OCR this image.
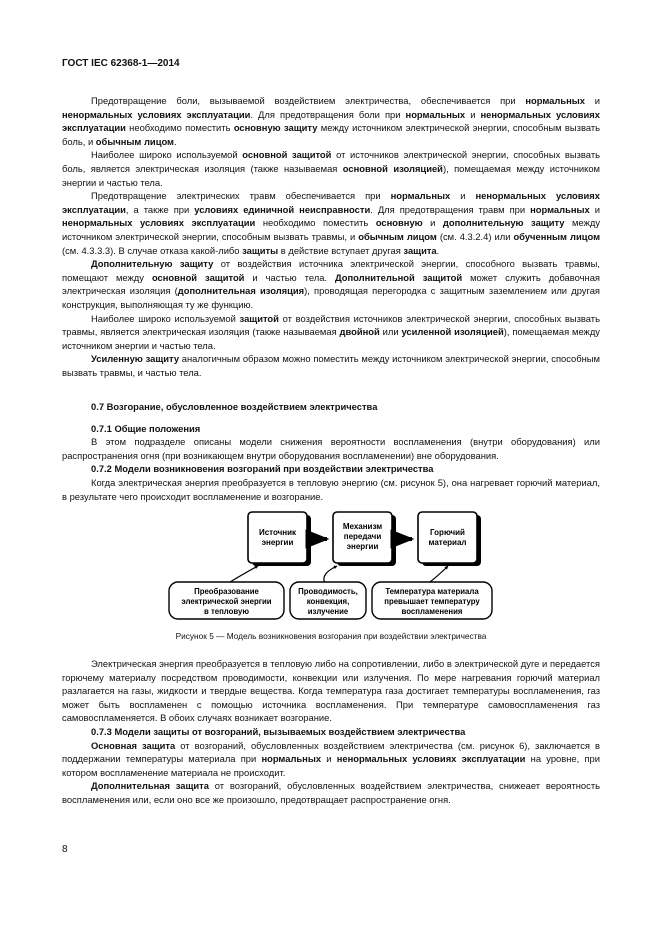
ГОСТ IEC 62368-1—2014

Предотвращение боли, вызываемой воздействием электричества, обеспечивается при нормальных и ненормальных условиях эксплуатации. Для предотвращения боли при нормальных и ненормальных условиях эксплуатации необходимо поместить основную защиту между источником электрической энергии, способным вызвать боль, и обычным лицом.

Наиболее широко используемой основной защитой от источников электрической энергии, способных вызвать боль, является электрическая изоляция (также называемая основной изоляцией), помещаемая между источником энергии и частью тела.

Предотвращение электрических травм обеспечивается при нормальных и ненормальных условиях эксплуатации, а также при условиях единичной неисправности. Для предотвращения травм при нормальных и ненормальных условиях эксплуатации необходимо поместить основную и дополнительную защиту между источником электрической энергии, способным вызвать травмы, и обычным лицом (см. 4.3.2.4) или обученным лицом (см. 4.3.3.3). В случае отказа какой-либо защиты в действие вступает другая защита.

Дополнительную защиту от воздействия источника электрической энергии, способного вызвать травмы, помещают между основной защитой и частью тела. Дополнительной защитой может служить добавочная электрическая изоляция (дополнительная изоляция), проводящая перегородка с защитным заземлением или другая конструкция, выполняющая ту же функцию.

Наиболее широко используемой защитой от воздействия источников электрической энергии, способных вызвать травмы, является электрическая изоляция (также называемая двойной или усиленной изоляцией), помещаемая между источником энергии и частью тела.

Усиленную защиту аналогичным образом можно поместить между источником электрической энергии, способным вызвать травмы, и частью тела.

0.7 Возгорание, обусловленное воздействием электричества

0.7.1 Общие положения

В этом подразделе описаны модели снижения вероятности воспламенения (внутри оборудования) или распространения огня (при возникающем внутри оборудования воспламенении) вне оборудования.

0.7.2 Модели возникновения возгораний при воздействии электричества

Когда электрическая энергия преобразуется в тепловую энергию (см. рисунок 5), она нагревает горючий материал, в результате чего происходит воспламенение и возгорание.

Источник энергии
Механизм передачи энергии
Горючий материал
Преобразование электрической энергии в тепловую
Проводимость, конвекция, излучение
Температура материала превышает температуру воспламенения
Рисунок 5 — Модель возникновения возгорания при воздействии электричества

Электрическая энергия преобразуется в тепловую либо на сопротивлении, либо в электрической дуге и передается горючему материалу посредством проводимости, конвекции или излучения. По мере нагревания горючий материал разлагается на газы, жидкости и твердые вещества. Когда температура газа достигает температуры воспламенения, газ может быть воспламенен с помощью источника воспламенения. При температуре самовоспламенения газ самовоспламеняется. В обоих случаях возникает возгорание.

0.7.3 Модели защиты от возгораний, вызываемых воздействием электричества

Основная защита от возгораний, обусловленных воздействием электричества (см. рисунок 6), заключается в поддержании температуры материала при нормальных и ненормальных условиях эксплуатации на уровне, при котором воспламенение материала не происходит.

Дополнительная защита от возгораний, обусловленных воздействием электричества, снижеает вероятность воспламенения или, если оно все же произошло, предотвращает распространение огня.

8
